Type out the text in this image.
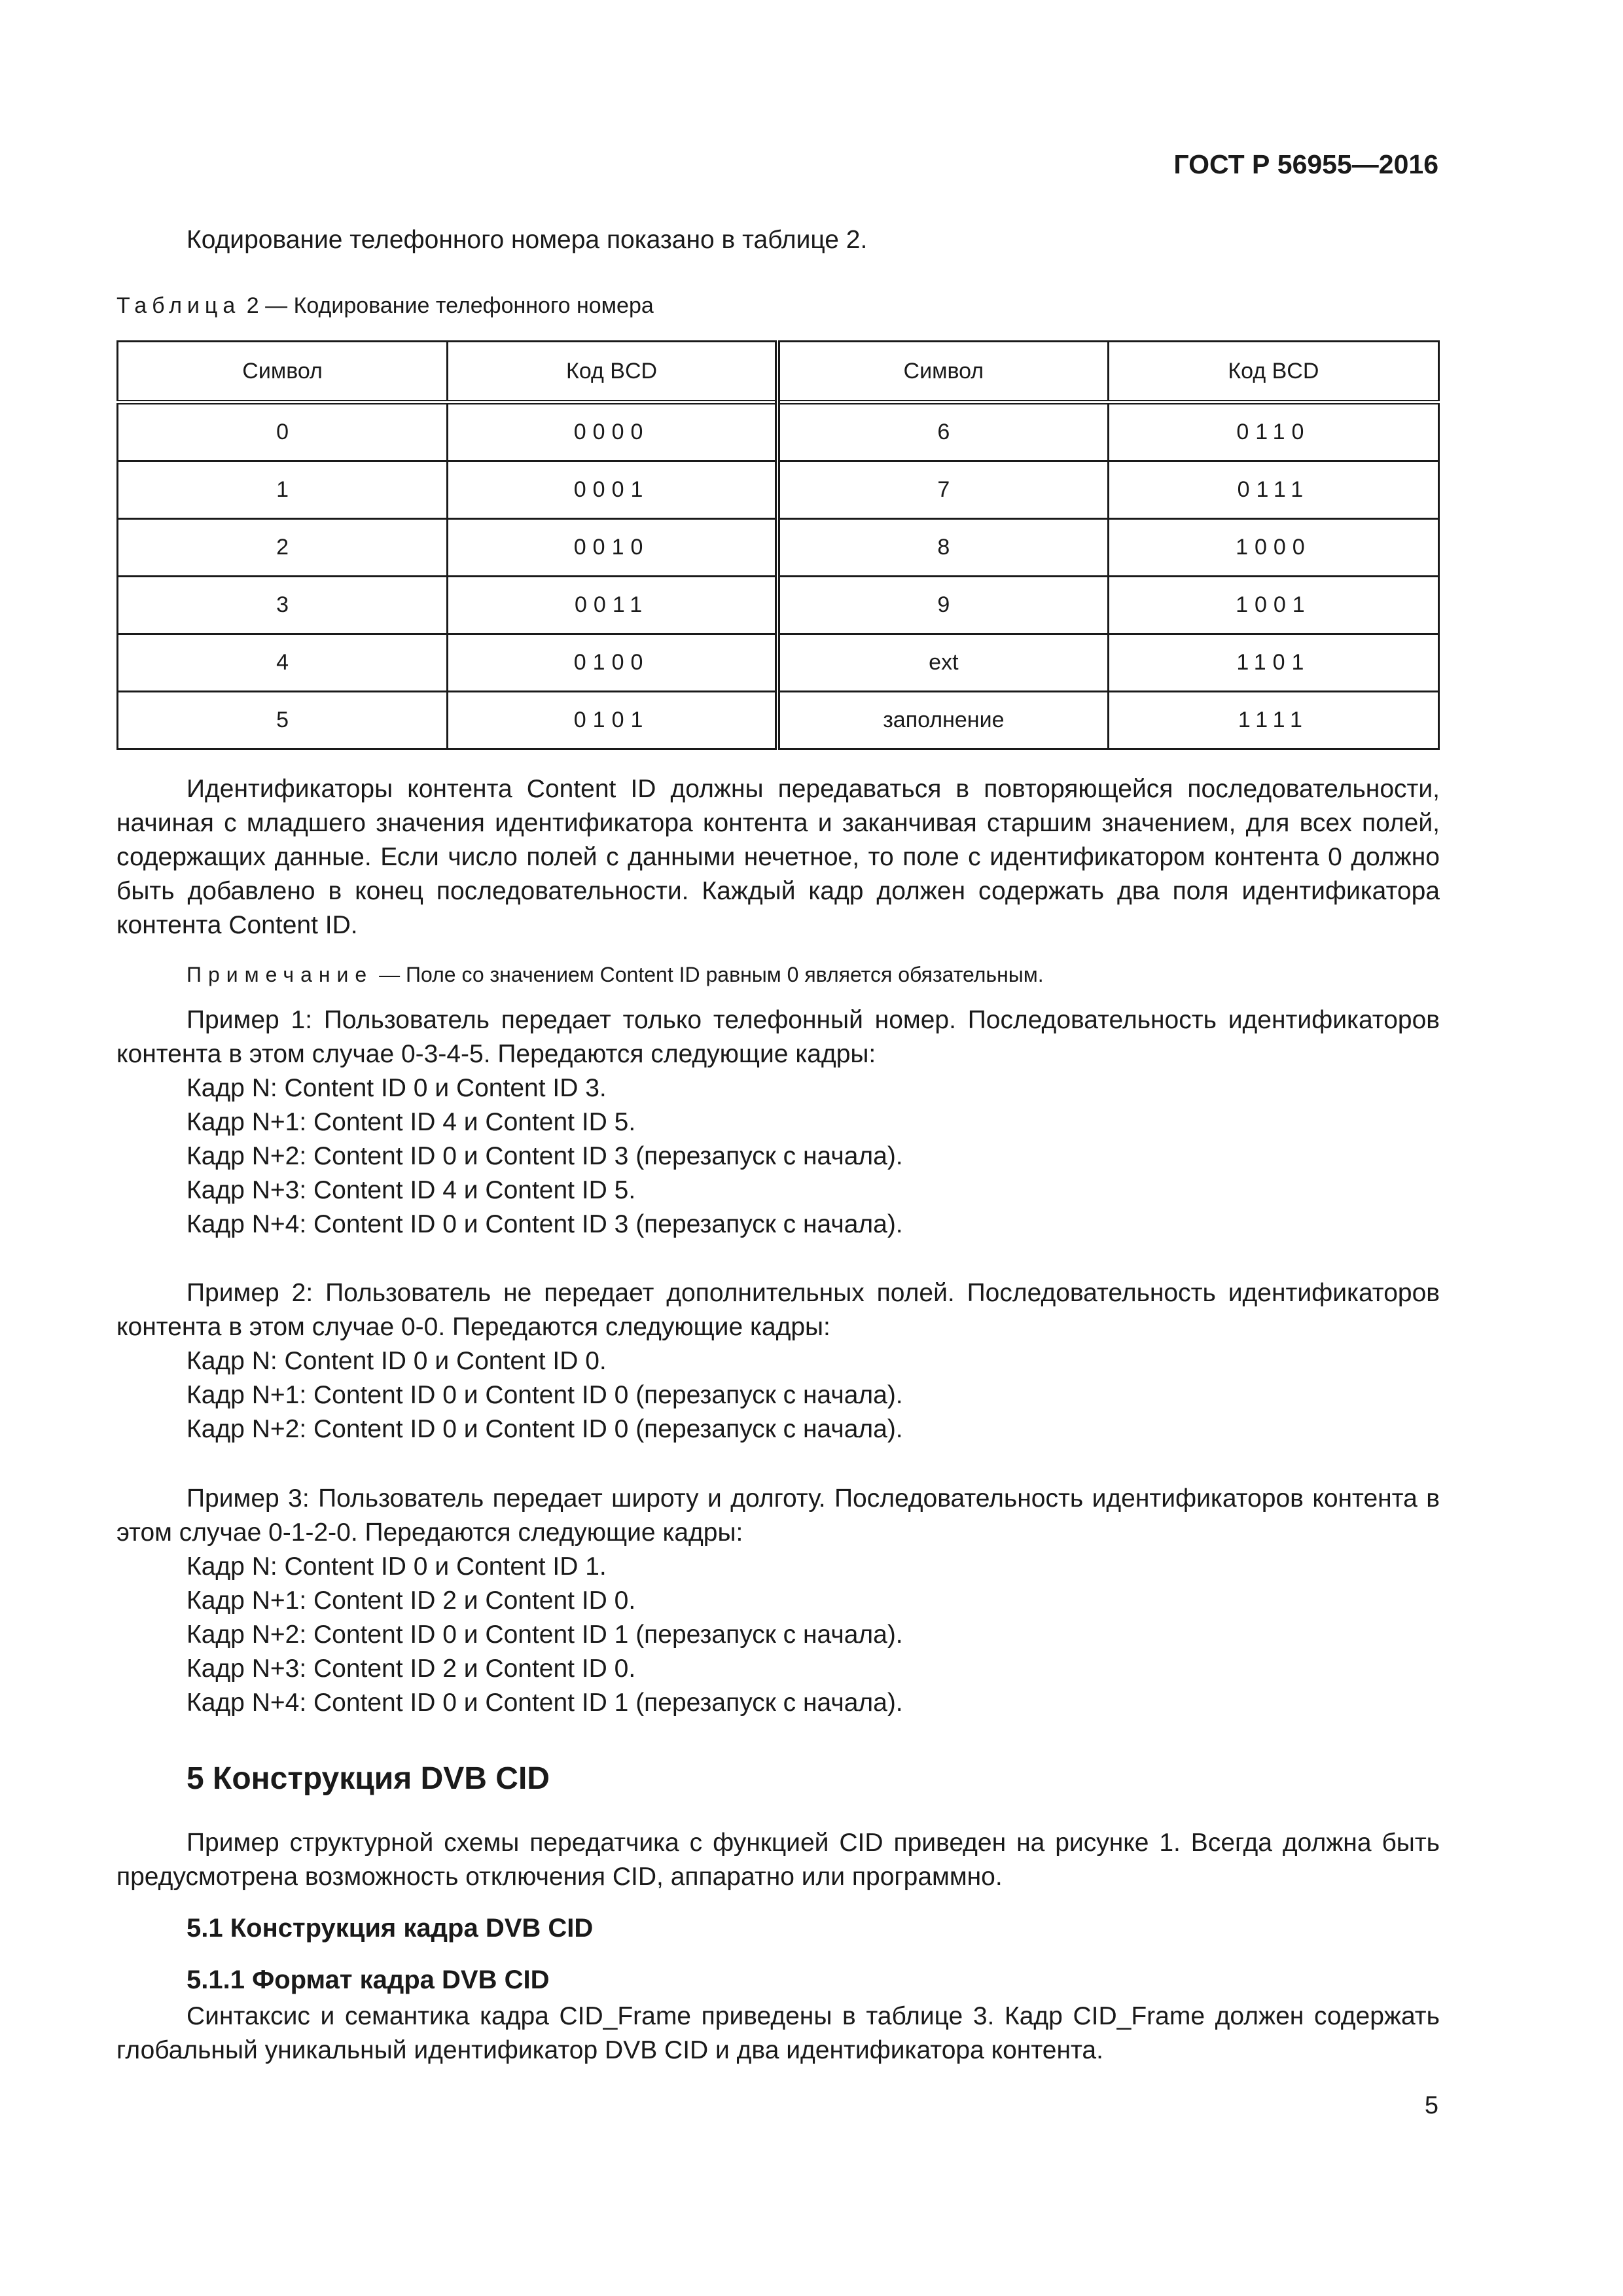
ГОСТ Р 56955—2016
Кодирование телефонного номера показано в таблице 2.
Таблица 2 — Кодирование телефонного номера
Символ	Код BCD	Символ	Код BCD
0	0000	6	0110
1	0001	7	0111
2	0010	8	1000
3	0011	9	1001
4	0100	ext	1101
5	0101	заполнение	1111
Идентификаторы контента Content ID должны передаваться в повторяющейся последовательности, начиная с младшего значения идентификатора контента и заканчивая старшим значением, для всех полей, содержащих данные. Если число полей с данными нечетное, то поле с идентификатором контента 0 должно быть добавлено в конец последовательности. Каждый кадр должен содержать два поля идентификатора контента Content ID.
Примечание — Поле со значением Content ID равным 0 является обязательным.
Пример 1: Пользователь передает только телефонный номер. Последовательность идентификаторов контента в этом случае 0-3-4-5. Передаются следующие кадры:
Кадр N: Content ID 0 и Content ID 3.
Кадр N+1: Content ID 4 и Content ID 5.
Кадр N+2: Content ID 0 и Content ID 3 (перезапуск с начала).
Кадр N+3: Content ID 4 и Content ID 5.
Кадр N+4: Content ID 0 и Content ID 3 (перезапуск с начала).
Пример 2: Пользователь не передает дополнительных полей. Последовательность идентификаторов контента в этом случае 0-0. Передаются следующие кадры:
Кадр N: Content ID 0 и Content ID 0.
Кадр N+1: Content ID 0 и Content ID 0 (перезапуск с начала).
Кадр N+2: Content ID 0 и Content ID 0 (перезапуск с начала).
Пример 3: Пользователь передает широту и долготу. Последовательность идентификаторов контента в этом случае 0-1-2-0. Передаются следующие кадры:
Кадр N: Content ID 0 и Content ID 1.
Кадр N+1: Content ID 2 и Content ID 0.
Кадр N+2: Content ID 0 и Content ID 1 (перезапуск с начала).
Кадр N+3: Content ID 2 и Content ID 0.
Кадр N+4: Content ID 0 и Content ID 1 (перезапуск с начала).
5 Конструкция DVB CID
Пример структурной схемы передатчика с функцией CID приведен на рисунке 1. Всегда должна быть предусмотрена возможность отключения CID, аппаратно или программно.
5.1 Конструкция кадра DVB CID
5.1.1 Формат кадра DVB CID
Синтаксис и семантика кадра CID_Frame приведены в таблице 3. Кадр CID_Frame должен содержать глобальный уникальный идентификатор DVB CID и два идентификатора контента.
5
